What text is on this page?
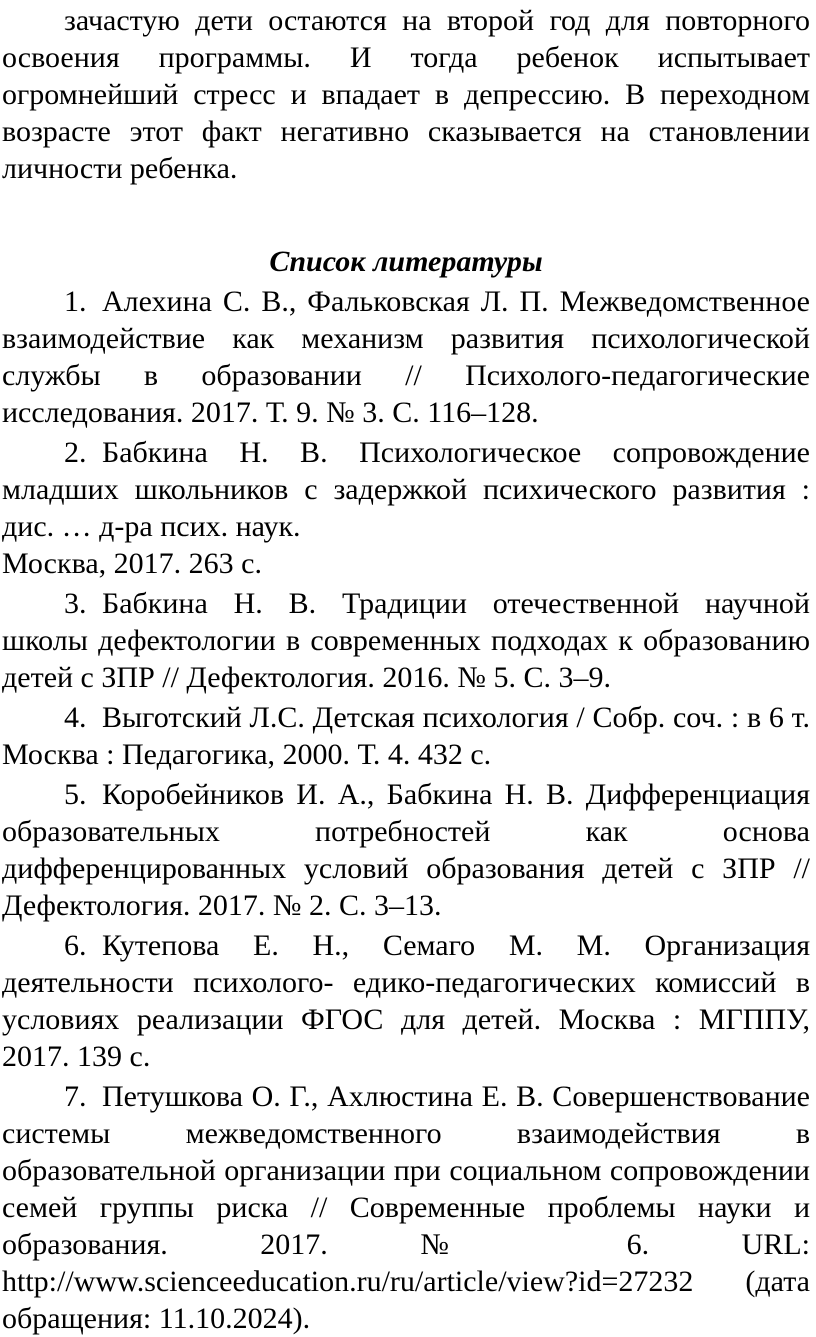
зачастую дети остаются на второй год для повторного освоения программы. И тогда ребенок испытывает огромнейший стресс и впадает в депрессию. В переходном возрасте этот факт негативно сказывается на становлении личности ребенка.

Список литературы

1. Алехина С. В., Фальковская Л. П. Межведомственное взаимодействие как механизм развития психологической службы в образовании // Психолого-педагогические исследования. 2017. Т. 9. № 3. С. 116–128.

2. Бабкина Н. В. Психологическое сопровождение младших школьников с задержкой психического развития : дис. … д-ра псих. наук.
Москва, 2017. 263 с.

3. Бабкина Н. В. Традиции отечественной научной школы дефектологии в современных подходах к образованию детей с ЗПР // Дефектология. 2016. № 5. С. 3–9.

4. Выготский Л.С. Детская психология / Собр. соч. : в 6 т. Москва : Педагогика, 2000. Т. 4. 432 с.

5. Коробейников И. А., Бабкина Н. В. Дифференциация образовательных потребностей как основа дифференцированных условий образования детей с ЗПР // Дефектология. 2017. № 2. С. 3–13.

6. Кутепова Е. Н., Семаго М. М. Организация деятельности психолого- едико-педагогических комиссий в условиях реализации ФГОС для детей. Москва : МГППУ, 2017. 139 с.

7. Петушкова О. Г., Ахлюстина Е. В. Совершенствование системы межведомственного взаимодействия в образовательной организации при социальном сопровождении семей группы риска // Современные проблемы науки и образования. 2017. № 6. URL: http://www.scienceeducation.ru/ru/article/view?id=27232 (дата обращения: 11.10.2024).
